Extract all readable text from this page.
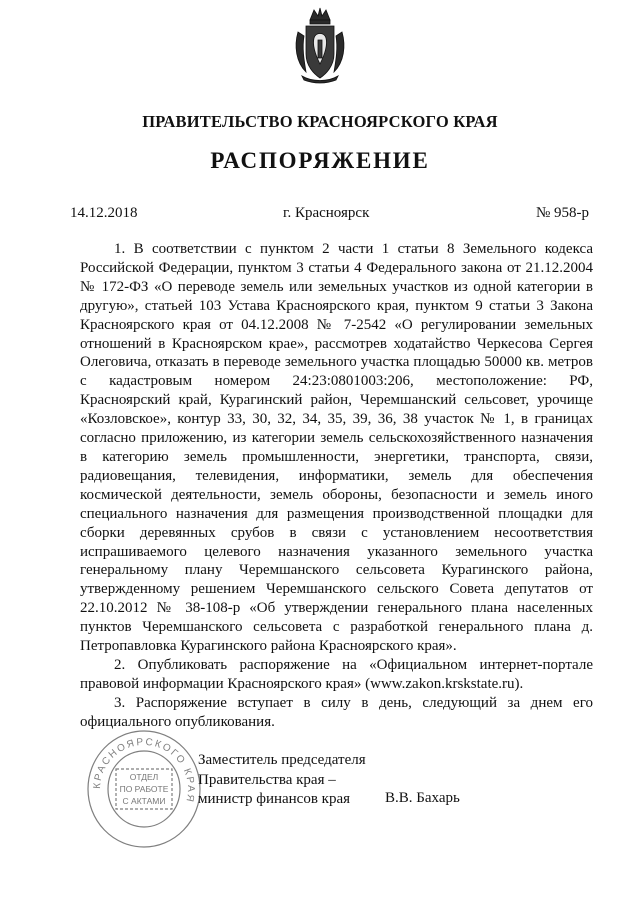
ПРАВИТЕЛЬСТВО КРАСНОЯРСКОГО КРАЯ
РАСПОРЯЖЕНИЕ
14.12.2018	г. Красноярск	№ 958-р

1. В соответствии с пунктом 2 части 1 статьи 8 Земельного кодекса Российской Федерации, пунктом 3 статьи 4 Федерального закона от 21.12.2004 № 172-ФЗ «О переводе земель или земельных участков из одной категории в другую», статьей 103 Устава Красноярского края, пунктом 9 статьи 3 Закона Красноярского края от 04.12.2008 № 7-2542 «О регулировании земельных отношений в Красноярском крае», рассмотрев ходатайство Черкесова Сергея Олеговича, отказать в переводе земельного участка площадью 50000 кв. метров с кадастровым номером 24:23:0801003:206, местоположение: РФ, Красноярский край, Курагинский район, Черемшанский сельсовет, урочище «Козловское», контур 33, 30, 32, 34, 35, 39, 36, 38 участок № 1, в границах согласно приложению, из категории земель сельскохозяйственного назначения в категорию земель промышленности, энергетики, транспорта, связи, радиовещания, телевидения, информатики, земель для обеспечения космической деятельности, земель обороны, безопасности и земель иного специального назначения для размещения производственной площадки для сборки деревянных срубов в связи с установлением несоответствия испрашиваемого целевого назначения указанного земельного участка генеральному плану Черемшанского сельсовета Курагинского района, утвержденному решением Черемшанского сельского Совета депутатов от 22.10.2012 № 38-108-р «Об утверждении генерального плана населенных пунктов Черемшанского сельсовета с разработкой генерального плана д. Петропавловка Курагинского района Красноярского края».

2. Опубликовать распоряжение на «Официальном интернет-портале правовой информации Красноярского края» (www.zakon.krskstate.ru).

3. Распоряжение вступает в силу в день, следующий за днем его официального опубликования.

КРАСНОЯРСКОГО КРАЯ
ОТДЕЛ
ПО РАБОТЕ
С АКТАМИ
Заместитель председателя
Правительства края –
министр финансов края	В.В. Бахарь
